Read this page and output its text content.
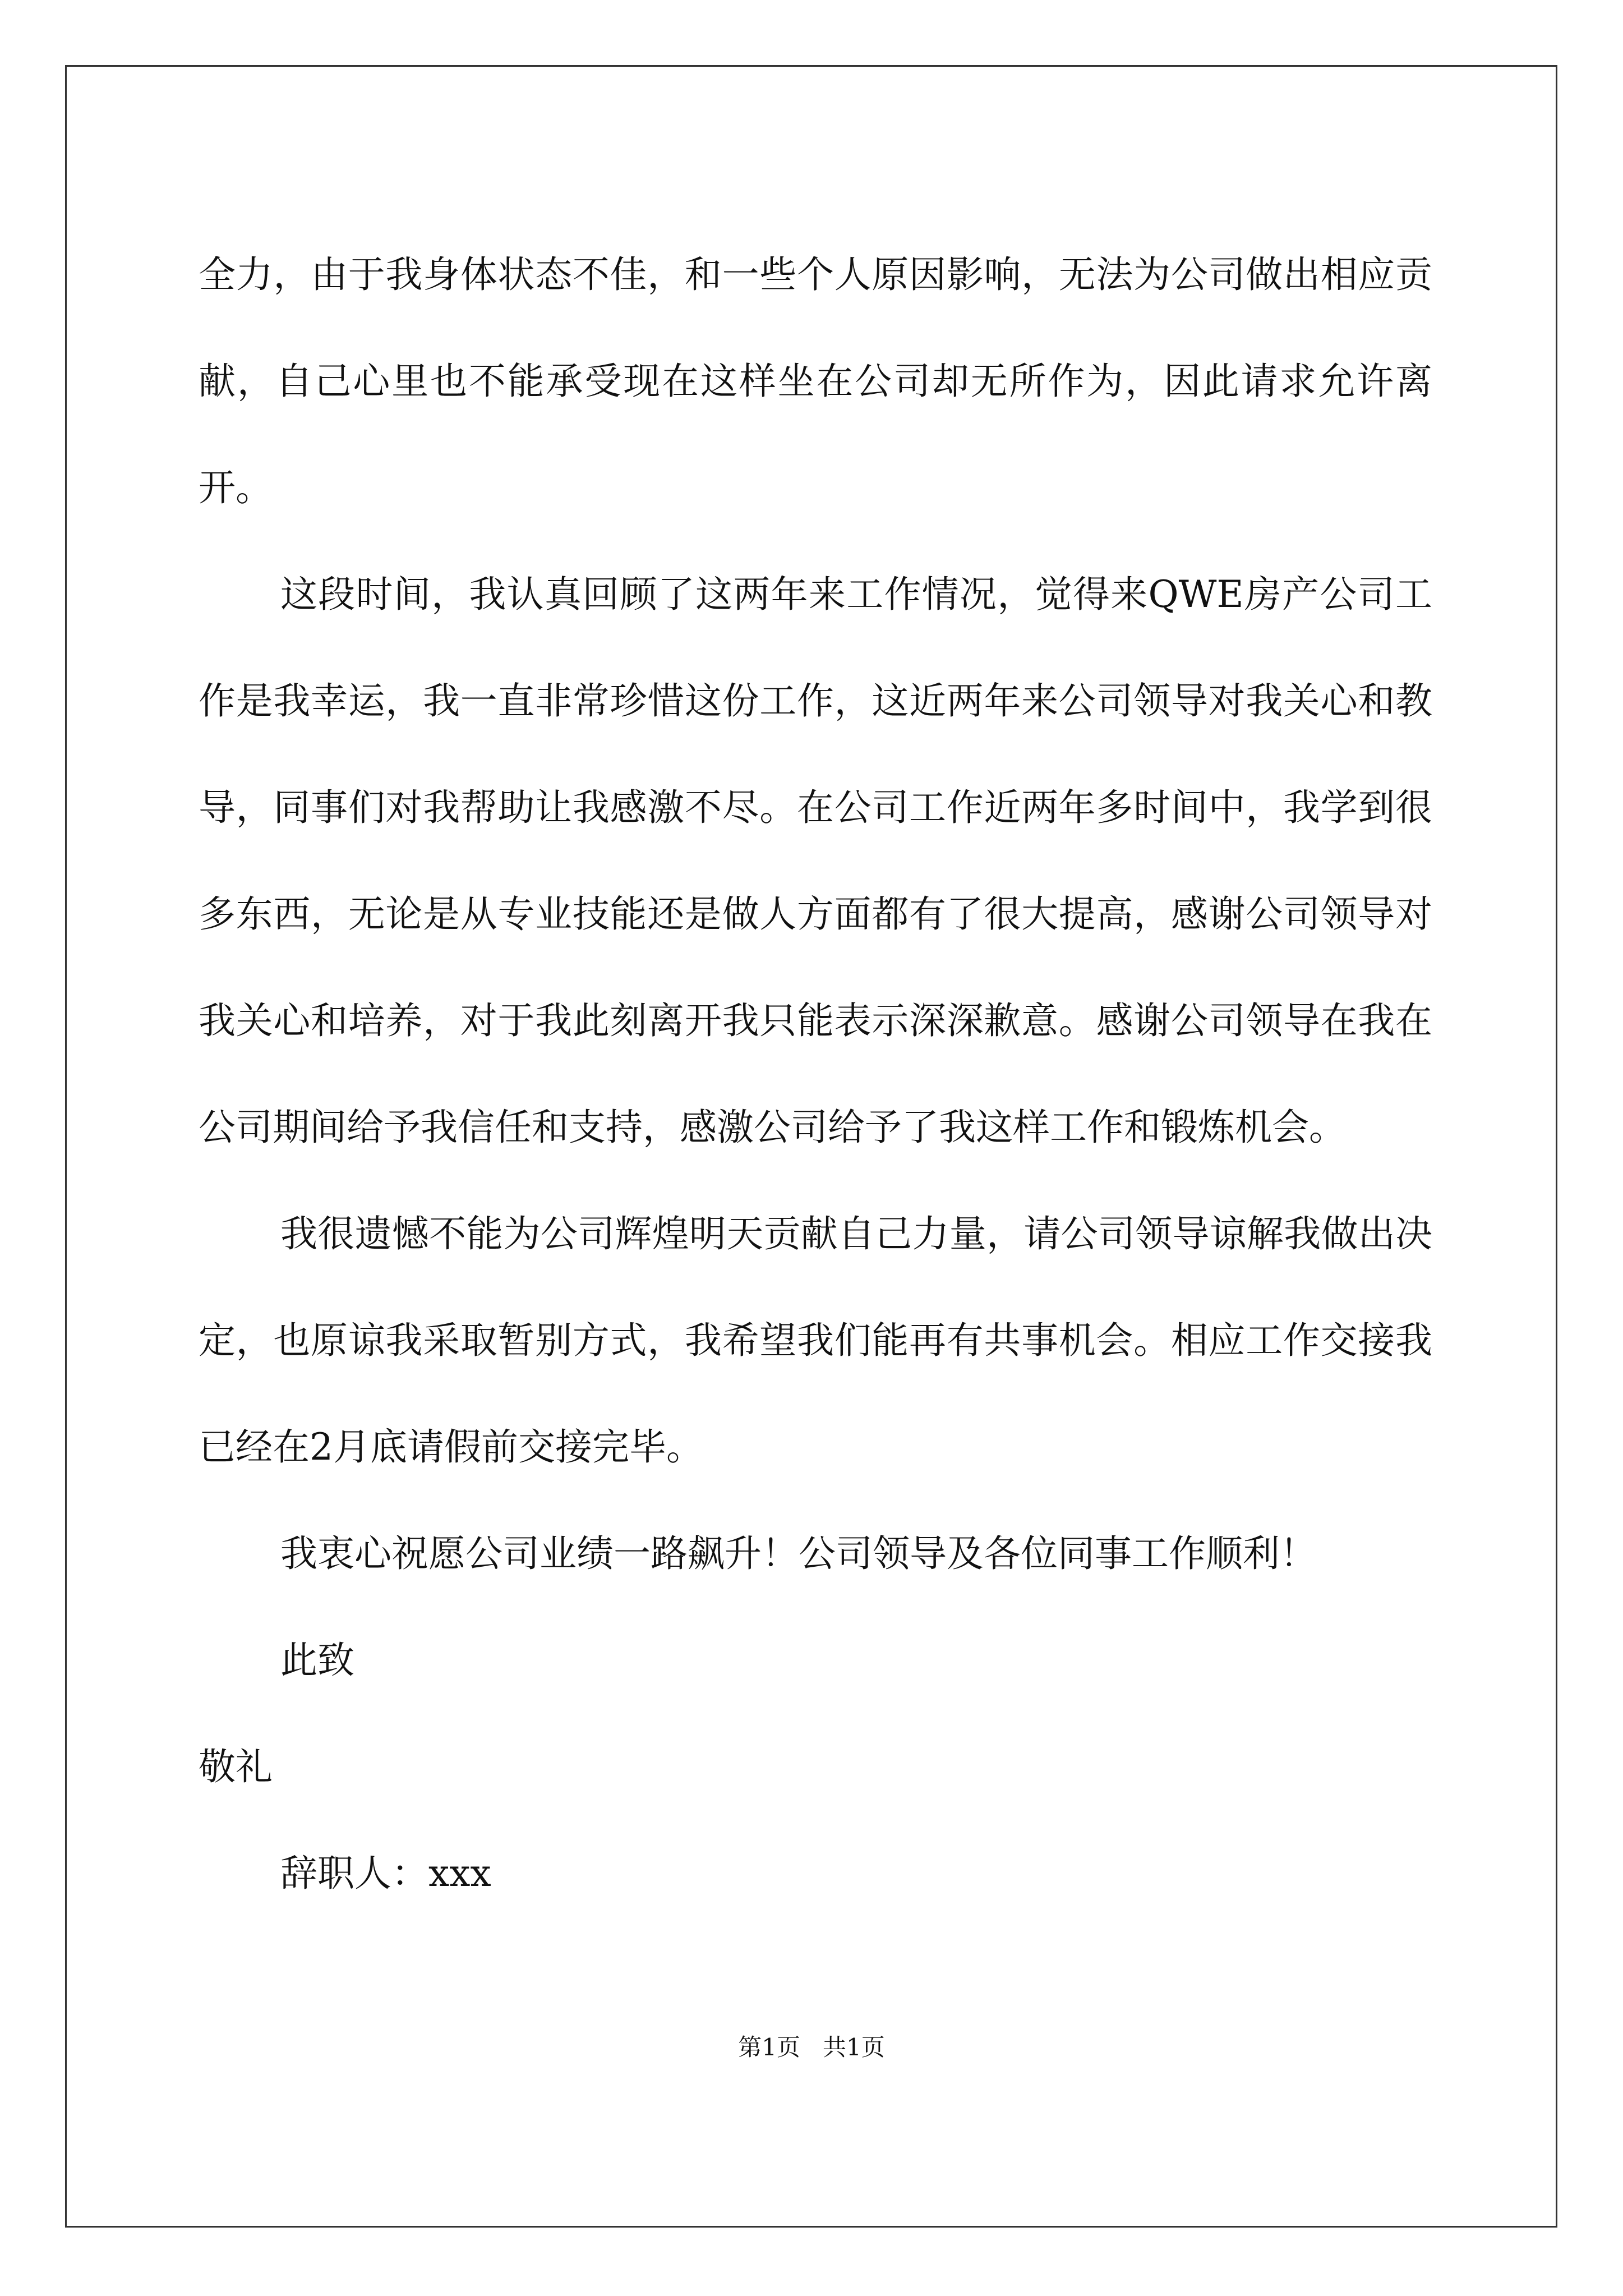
全力，由于我身体状态不佳，和一些个人原因影响，无法为公司做出相应贡献，自己心里也不能承受现在这样坐在公司却无所作为，因此请求允许离开。

这段时间，我认真回顾了这两年来工作情况，觉得来QWE房产公司工作是我幸运，我一直非常珍惜这份工作，这近两年来公司领导对我关心和教导，同事们对我帮助让我感激不尽。在公司工作近两年多时间中，我学到很多东西，无论是从专业技能还是做人方面都有了很大提高，感谢公司领导对我关心和培养，对于我此刻离开我只能表示深深歉意。感谢公司领导在我在公司期间给予我信任和支持，感激公司给予了我这样工作和锻炼机会。

我很遗憾不能为公司辉煌明天贡献自己力量，请公司领导谅解我做出决定，也原谅我采取暂别方式，我希望我们能再有共事机会。相应工作交接我已经在2月底请假前交接完毕。

我衷心祝愿公司业绩一路飙升！公司领导及各位同事工作顺利！

此致

敬礼

辞职人：xxx

第1页 共1页
